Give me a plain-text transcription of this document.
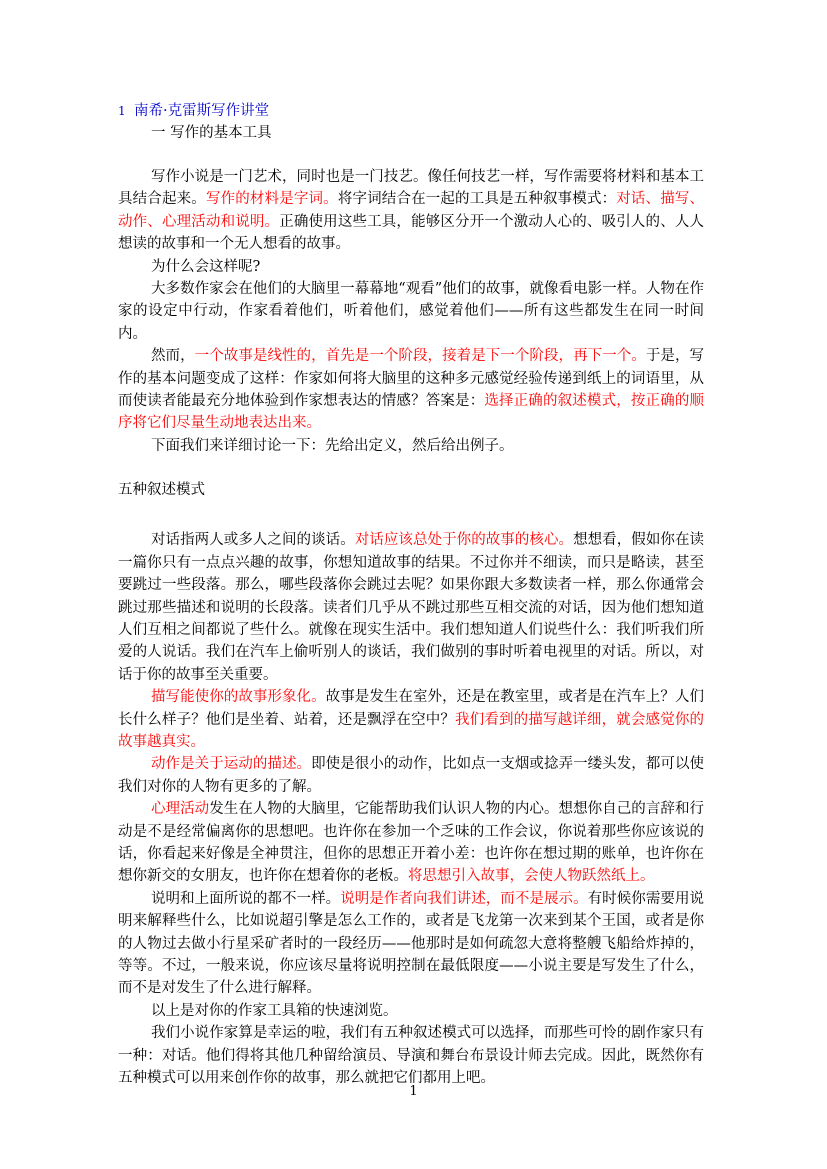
1 南希·克雷斯写作讲堂
一 写作的基本工具

写作小说是一门艺术，同时也是一门技艺。像任何技艺一样，写作需要将材料和基本工具结合起来。写作的材料是字词。将字词结合在一起的工具是五种叙事模式：对话、描写、动作、心理活动和说明。正确使用这些工具，能够区分开一个激动人心的、吸引人的、人人想读的故事和一个无人想看的故事。

为什么会这样呢?

大多数作家会在他们的大脑里一幕幕地“观看”他们的故事，就像看电影一样。人物在作家的设定中行动，作家看着他们，听着他们，感觉着他们——所有这些都发生在同一时间内。

然而，一个故事是线性的，首先是一个阶段，接着是下一个阶段，再下一个。于是，写作的基本问题变成了这样：作家如何将大脑里的这种多元感觉经验传递到纸上的词语里，从而使读者能最充分地体验到作家想表达的情感？答案是：选择正确的叙述模式，按正确的顺序将它们尽量生动地表达出来。

下面我们来详细讨论一下：先给出定义，然后给出例子。

五种叙述模式

对话指两人或多人之间的谈话。对话应该总处于你的故事的核心。想想看，假如你在读一篇你只有一点点兴趣的故事，你想知道故事的结果。不过你并不细读，而只是略读，甚至要跳过一些段落。那么，哪些段落你会跳过去呢？如果你跟大多数读者一样，那么你通常会跳过那些描述和说明的长段落。读者们几乎从不跳过那些互相交流的对话，因为他们想知道人们互相之间都说了些什么。就像在现实生活中。我们想知道人们说些什么：我们听我们所爱的人说话。我们在汽车上偷听别人的谈话，我们做别的事时听着电视里的对话。所以，对话于你的故事至关重要。

描写能使你的故事形象化。故事是发生在室外，还是在教室里，或者是在汽车上？人们长什么样子？他们是坐着、站着，还是飘浮在空中？我们看到的描写越详细，就会感觉你的故事越真实。

动作是关于运动的描述。即使是很小的动作，比如点一支烟或捻弄一缕头发，都可以使我们对你的人物有更多的了解。

心理活动发生在人物的大脑里，它能帮助我们认识人物的内心。想想你自己的言辞和行动是不是经常偏离你的思想吧。也许你在参加一个乏味的工作会议，你说着那些你应该说的话，你看起来好像是全神贯注，但你的思想正开着小差：也许你在想过期的账单，也许你在想你新交的女朋友，也许你在想着你的老板。将思想引入故事，会使人物跃然纸上。

说明和上面所说的都不一样。说明是作者向我们讲述，而不是展示。有时候你需要用说明来解释些什么，比如说超引擎是怎么工作的，或者是飞龙第一次来到某个王国，或者是你的人物过去做小行星采矿者时的一段经历——他那时是如何疏忽大意将整艘飞船给炸掉的，等等。不过，一般来说，你应该尽量将说明控制在最低限度——小说主要是写发生了什么，而不是对发生了什么进行解释。

以上是对你的作家工具箱的快速浏览。

我们小说作家算是幸运的啦，我们有五种叙述模式可以选择，而那些可怜的剧作家只有一种：对话。他们得将其他几种留给演员、导演和舞台布景设计师去完成。因此，既然你有五种模式可以用来创作你的故事，那么就把它们都用上吧。

1
